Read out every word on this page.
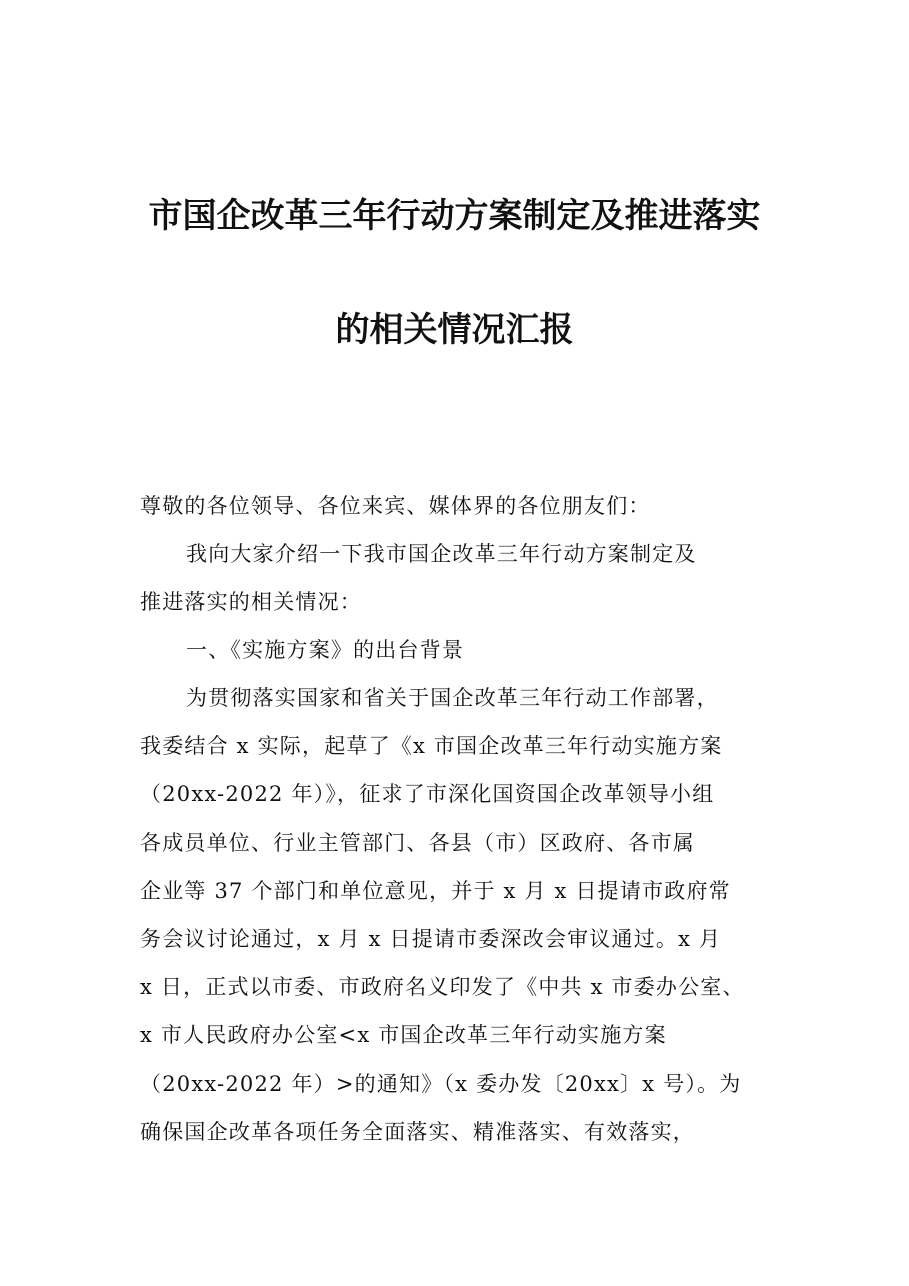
市国企改革三年行动方案制定及推进落实
的相关情况汇报
尊敬的各位领导、各位来宾、媒体界的各位朋友们：
我向大家介绍一下我市国企改革三年行动方案制定及
推进落实的相关情况：
一、《实施方案》的出台背景
为贯彻落实国家和省关于国企改革三年行动工作部署，
我委结合 x 实际，起草了《x 市国企改革三年行动实施方案
（20xx-2022 年）》，征求了市深化国资国企改革领导小组
各成员单位、行业主管部门、各县（市）区政府、各市属
企业等 37 个部门和单位意见，并于 x 月 x 日提请市政府常
务会议讨论通过，x 月 x 日提请市委深改会审议通过。x 月
x 日，正式以市委、市政府名义印发了《中共 x 市委办公室、
x 市人民政府办公室<x 市国企改革三年行动实施方案
（20xx-2022 年）>的通知》（x 委办发〔20xx〕x 号）。为
确保国企改革各项任务全面落实、精准落实、有效落实，
